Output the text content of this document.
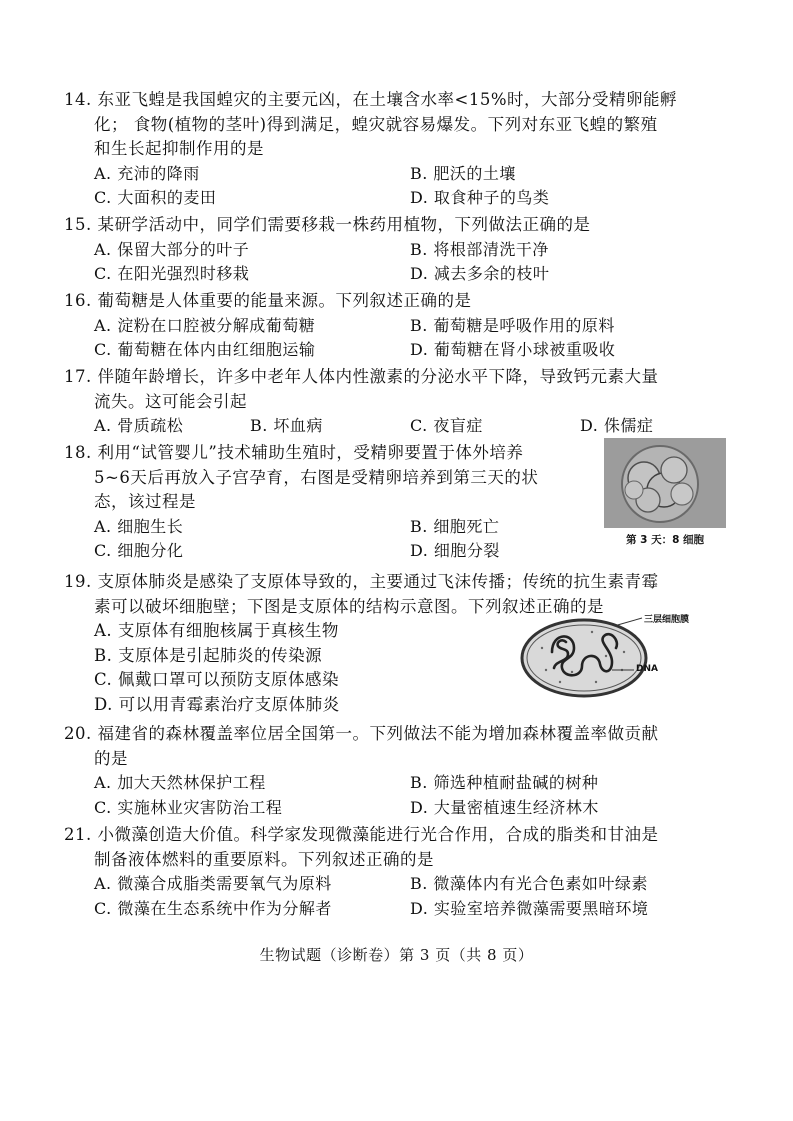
14. 东亚飞蝗是我国蝗灾的主要元凶，在土壤含水率<15%时，大部分受精卵能孵

化； 食物(植物的茎叶)得到满足，蝗灾就容易爆发。下列对东亚飞蝗的繁殖

和生长起抑制作用的是

A. 充沛的降雨	B. 肥沃的土壤
C. 大面积的麦田	D. 取食种子的鸟类

15. 某研学活动中，同学们需要移栽一株药用植物，下列做法正确的是

A. 保留大部分的叶子	B. 将根部清洗干净
C. 在阳光强烈时移栽	D. 减去多余的枝叶

16. 葡萄糖是人体重要的能量来源。下列叙述正确的是

A. 淀粉在口腔被分解成葡萄糖	B. 葡萄糖是呼吸作用的原料
C. 葡萄糖在体内由红细胞运输	D. 葡萄糖在肾小球被重吸收

17. 伴随年龄增长，许多中老年人体内性激素的分泌水平下降，导致钙元素大量

流失。这可能会引起

A. 骨质疏松	B. 坏血病	C. 夜盲症	D. 侏儒症

18. 利用“试管婴儿”技术辅助生殖时，受精卵要置于体外培养

5~6天后再放入子宫孕育，右图是受精卵培养到第三天的状

态，该过程是

A. 细胞生长	B. 细胞死亡
C. 细胞分化	D. 细胞分裂
第 3 天：8 细胞

19. 支原体肺炎是感染了支原体导致的，主要通过飞沫传播；传统的抗生素青霉

素可以破坏细胞壁；下图是支原体的结构示意图。下列叙述正确的是

A. 支原体有细胞核属于真核生物

B. 支原体是引起肺炎的传染源

C. 佩戴口罩可以预防支原体感染

D. 可以用青霉素治疗支原体肺炎

三层细胞膜
DNA

20. 福建省的森林覆盖率位居全国第一。下列做法不能为增加森林覆盖率做贡献

的是

A. 加大天然林保护工程	B. 筛选种植耐盐碱的树种
C. 实施林业灾害防治工程	D. 大量密植速生经济林木

21. 小微藻创造大价值。科学家发现微藻能进行光合作用，合成的脂类和甘油是

制备液体燃料的重要原料。下列叙述正确的是

A. 微藻合成脂类需要氧气为原料	B. 微藻体内有光合色素如叶绿素
C. 微藻在生态系统中作为分解者	D. 实验室培养微藻需要黑暗环境
生物试题（诊断卷）第 3 页（共 8 页）
